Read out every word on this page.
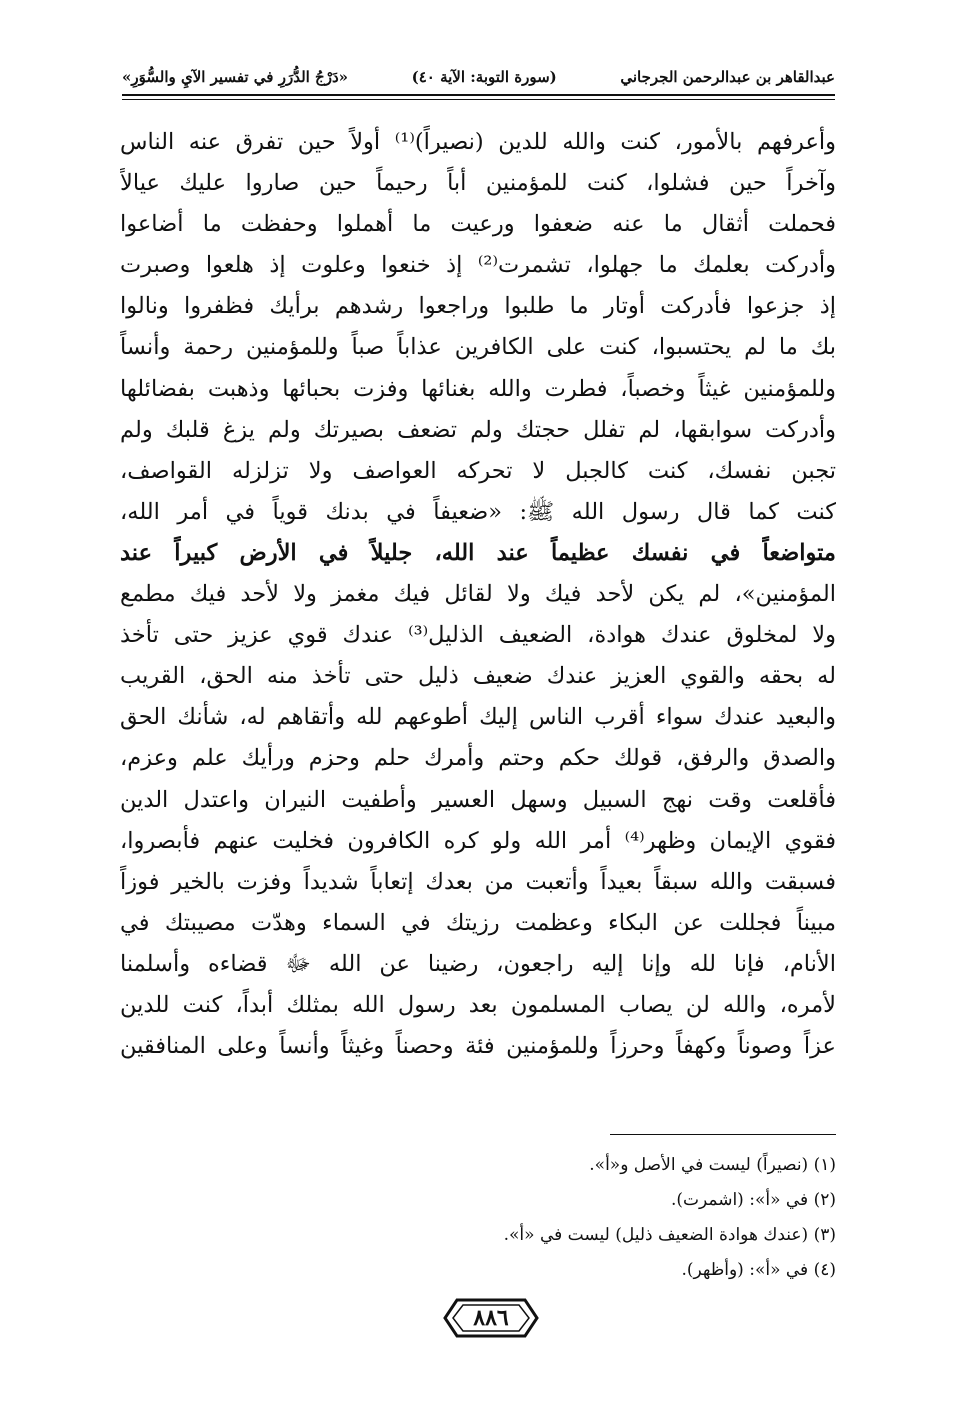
عبدالقاهر بن عبدالرحمن الجرجاني
(سورة التوبة: الآية ٤٠)
«دَرْجُ الدُّرَرِ في تفسير الآيِ والسُّوَرِ»
وأعرفهم بالأمور، كنت والله للدين (نصيراً)⁽¹⁾ أولاً حين تفرق عنه الناس
وآخراً حين فشلوا، كنت للمؤمنين أباً رحيماً حين صاروا عليك عيالاً
فحملت أثقال ما عنه ضعفوا ورعيت ما أهملوا وحفظت ما أضاعوا
وأدركت بعلمك ما جهلوا، تشمرت⁽²⁾ إذ خنعوا وعلوت إذ هلعوا وصبرت
إذ جزعوا فأدركت أوتار ما طلبوا وراجعوا رشدهم برأيك فظفروا ونالوا
بك ما لم يحتسبوا، كنت على الكافرين عذاباً صباً وللمؤمنين رحمة وأنساً
وللمؤمنين غيثاً وخصباً، فطرت والله بغنائها وفزت بحبائها وذهبت بفضائلها
وأدركت سوابقها، لم تفلل حجتك ولم تضعف بصيرتك ولم يزغ قلبك ولم
تجبن نفسك، كنت كالجبل لا تحركه العواصف ولا تزلزله القواصف،
كنت كما قال رسول الله ﷺ: «ضعيفاً في بدنك قوياً في أمر الله،
متواضعاً في نفسك عظيماً عند الله، جليلاً في الأرض كبيراً عند
المؤمنين»، لم يكن لأحد فيك ولا لقائل فيك مغمز ولا لأحد فيك مطمع
ولا لمخلوق عندك هوادة، الضعيف الذليل⁽³⁾ عندك قوي عزيز حتى تأخذ
له بحقه والقوي العزيز عندك ضعيف ذليل حتى تأخذ منه الحق، القريب
والبعيد عندك سواء أقرب الناس إليك أطوعهم لله وأتقاهم له، شأنك الحق
والصدق والرفق، قولك حكم وحتم وأمرك حلم وحزم ورأيك علم وعزم،
فأقلعت وقت نهج السبيل وسهل العسير وأطفيت النيران واعتدل الدين
فقوي الإيمان وظهر⁽⁴⁾ أمر الله ولو كره الكافرون فخليت عنهم فأبصروا،
فسبقت والله سبقاً بعيداً وأتعبت من بعدك إتعاباً شديداً وفزت بالخير فوزاً
مبيناً فجللت عن البكاء وعظمت رزيتك في السماء وهدّت مصيبتك في
الأنام، فإنا لله وإنا إليه راجعون، رضينا عن الله ﷻ قضاءه وأسلمنا
لأمره، والله لن يصاب المسلمون بعد رسول الله بمثلك أبداً، كنت للدين
عزاً وصوناً وكهفاً وحرزاً وللمؤمنين فئة وحصناً وغيثاً وأنساً وعلى المنافقين
(١) (نصيراً) ليست في الأصل و«أ».
(٢) في «أ»: (اشمرت).
(٣) (عندك هوادة الضعيف ذليل) ليست في «أ».
(٤) في «أ»: (وأظهر).
٨٨٦
